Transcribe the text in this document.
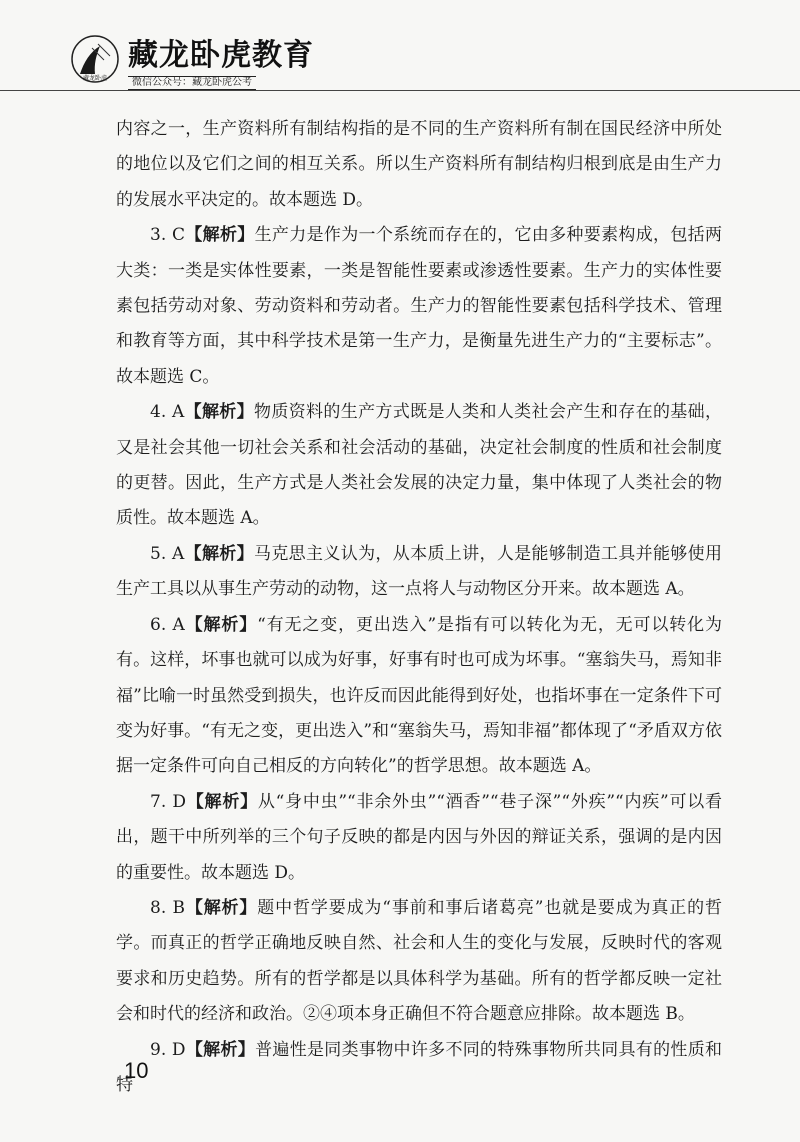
藏龙卧虎
藏龙卧虎教育
微信公众号：藏龙卧虎公考

内容之一，生产资料所有制结构指的是不同的生产资料所有制在国民经济中所处的地位以及它们之间的相互关系。所以生产资料所有制结构归根到底是由生产力的发展水平决定的。故本题选 D。

3. C【解析】生产力是作为一个系统而存在的，它由多种要素构成，包括两大类：一类是实体性要素，一类是智能性要素或渗透性要素。生产力的实体性要素包括劳动对象、劳动资料和劳动者。生产力的智能性要素包括科学技术、管理和教育等方面，其中科学技术是第一生产力，是衡量先进生产力的“主要标志”。故本题选 C。

4. A【解析】物质资料的生产方式既是人类和人类社会产生和存在的基础，又是社会其他一切社会关系和社会活动的基础，决定社会制度的性质和社会制度的更替。因此，生产方式是人类社会发展的决定力量，集中体现了人类社会的物质性。故本题选 A。

5. A【解析】马克思主义认为，从本质上讲，人是能够制造工具并能够使用生产工具以从事生产劳动的动物，这一点将人与动物区分开来。故本题选 A。

6. A【解析】“有无之变，更出迭入”是指有可以转化为无，无可以转化为有。这样，坏事也就可以成为好事，好事有时也可成为坏事。“塞翁失马，焉知非福”比喻一时虽然受到损失，也许反而因此能得到好处，也指坏事在一定条件下可变为好事。“有无之变，更出迭入”和“塞翁失马，焉知非福”都体现了“矛盾双方依据一定条件可向自己相反的方向转化”的哲学思想。故本题选 A。

7. D【解析】从“身中虫”“非余外虫”“酒香”“巷子深”“外疾”“内疾”可以看出，题干中所列举的三个句子反映的都是内因与外因的辩证关系，强调的是内因的重要性。故本题选 D。

8. B【解析】题中哲学要成为“事前和事后诸葛亮”也就是要成为真正的哲学。而真正的哲学正确地反映自然、社会和人生的变化与发展，反映时代的客观要求和历史趋势。所有的哲学都是以具体科学为基础。所有的哲学都反映一定社会和时代的经济和政治。②④项本身正确但不符合题意应排除。故本题选 B。

9. D【解析】普遍性是同类事物中许多不同的特殊事物所共同具有的性质和特

10
